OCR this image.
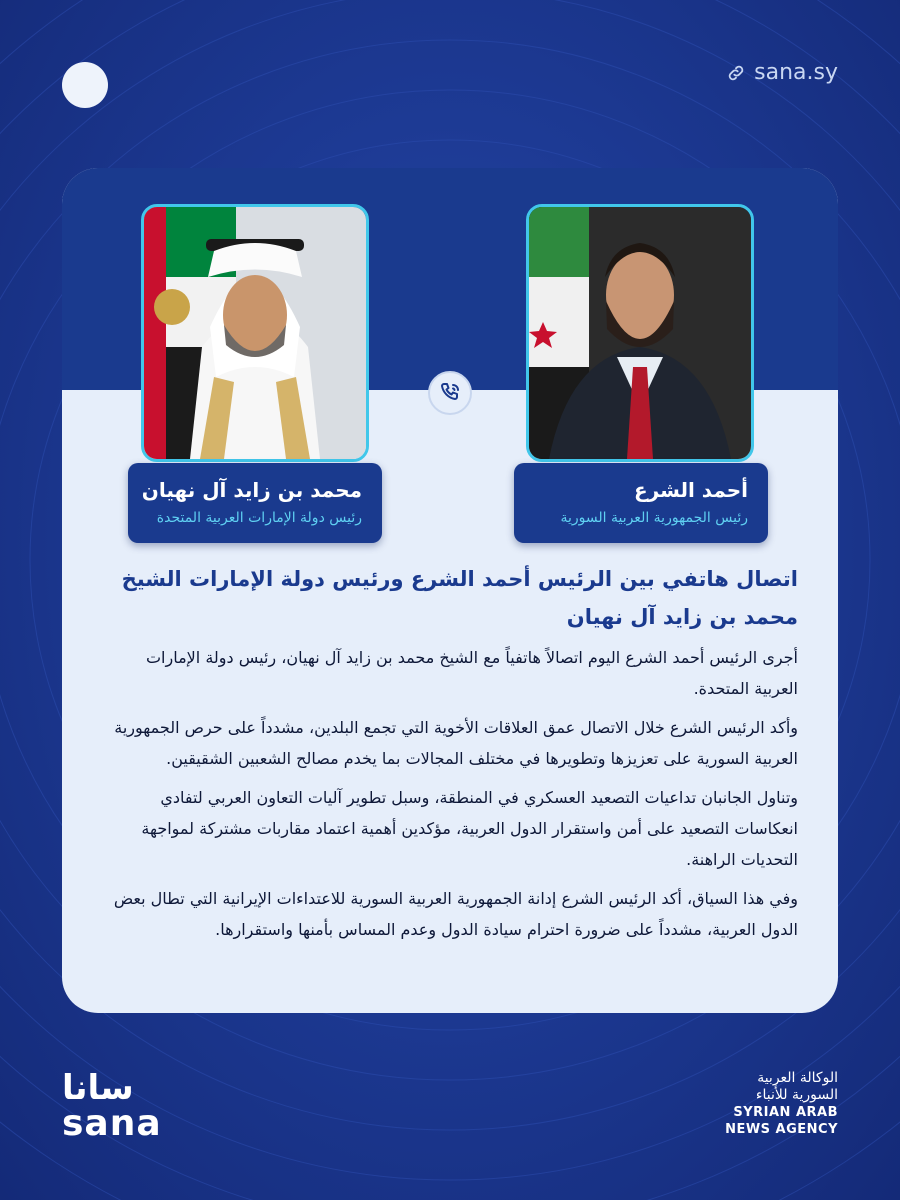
sana.sy
محمد بن زايد آل نهيان
رئيس دولة الإمارات العربية المتحدة
أحمد الشرع
رئيس الجمهورية العربية السورية
اتصال هاتفي بين الرئيس أحمد الشرع ورئيس دولة الإمارات الشيخ محمد بن زايد آل نهيان

أجرى الرئيس أحمد الشرع اليوم اتصالاً هاتفياً مع الشيخ محمد بن زايد آل نهيان، رئيس دولة الإمارات العربية المتحدة.

وأكد الرئيس الشرع خلال الاتصال عمق العلاقات الأخوية التي تجمع البلدين، مشدداً على حرص الجمهورية العربية السورية على تعزيزها وتطويرها في مختلف المجالات بما يخدم مصالح الشعبين الشقيقين.

وتناول الجانبان تداعيات التصعيد العسكري في المنطقة، وسبل تطوير آليات التعاون العربي لتفادي انعكاسات التصعيد على أمن واستقرار الدول العربية، مؤكدين أهمية اعتماد مقاربات مشتركة لمواجهة التحديات الراهنة.

وفي هذا السياق، أكد الرئيس الشرع إدانة الجمهورية العربية السورية للاعتداءات الإيرانية التي تطال بعض الدول العربية، مشدداً على ضرورة احترام سيادة الدول وعدم المساس بأمنها واستقرارها.

سانا
sana
الوكالة العربية
السورية للأنباء
SYRIAN ARAB
NEWS AGENCY
